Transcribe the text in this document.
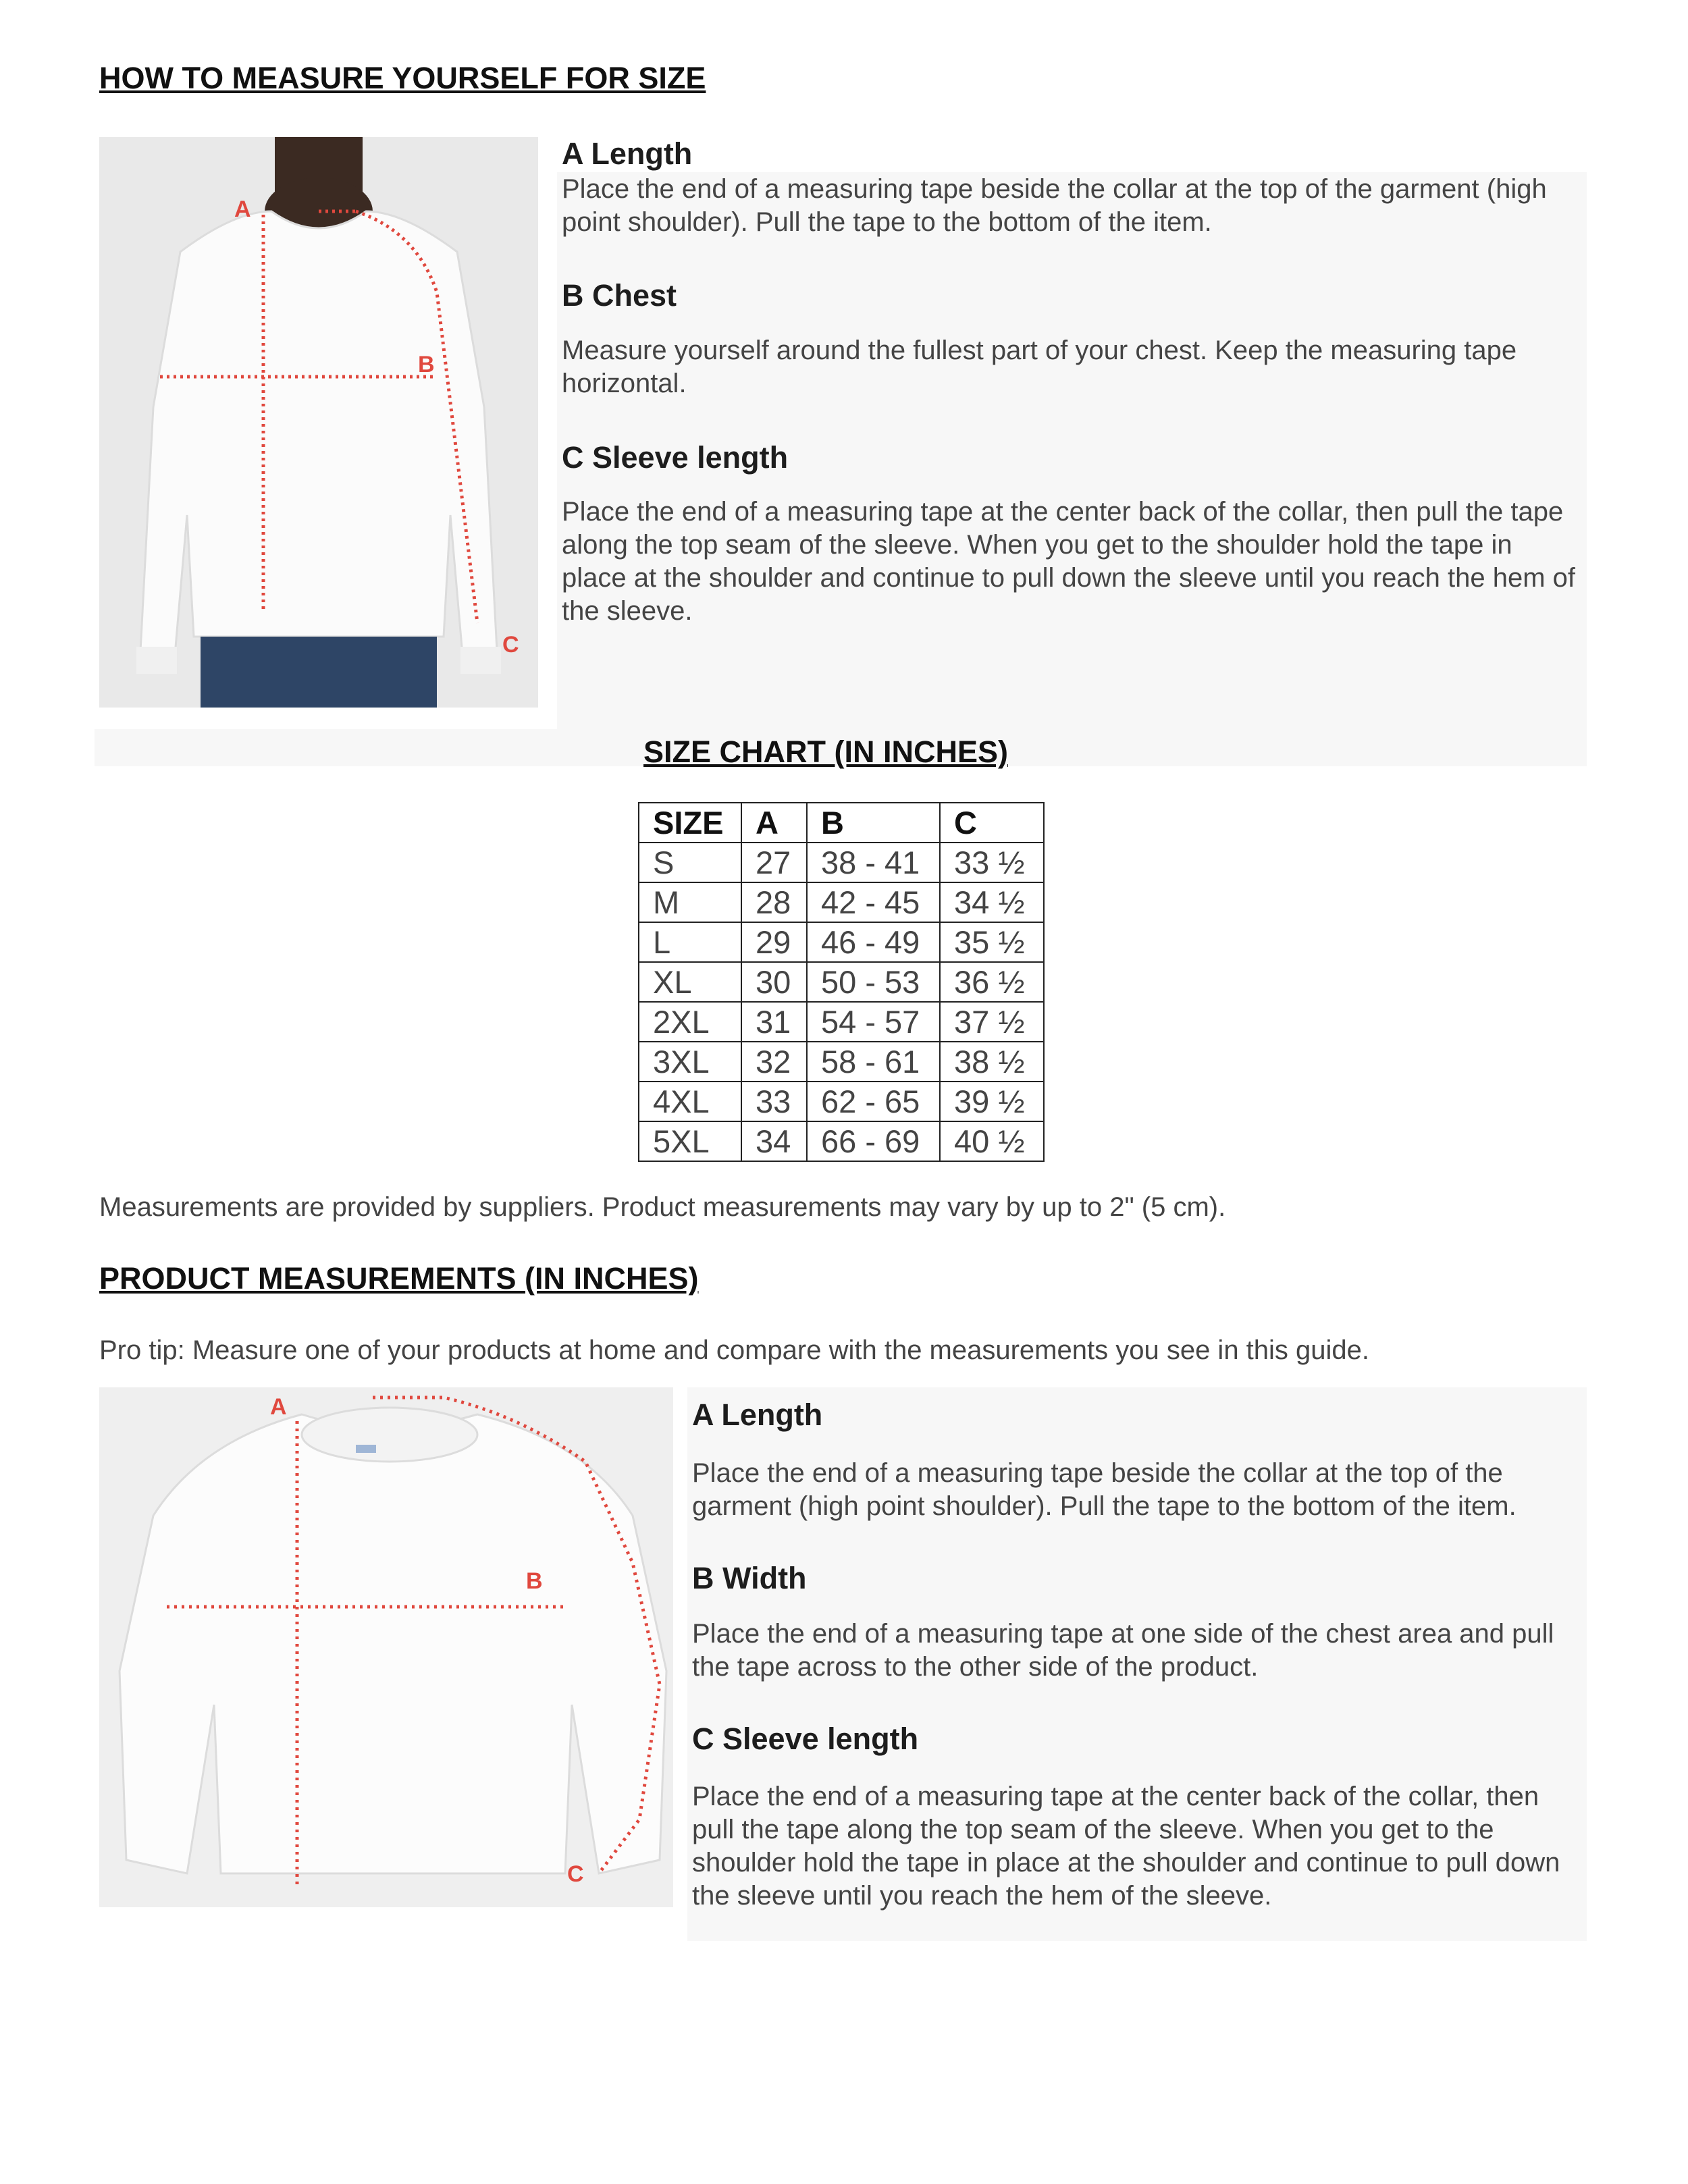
HOW TO MEASURE YOURSELF FOR SIZE
A
B
C
A Length
Place the end of a measuring tape beside the collar at the top of the garment (high point shoulder). Pull the tape to the bottom of the item.
B Chest
Measure yourself around the fullest part of your chest. Keep the measuring tape horizontal.
C Sleeve length
Place the end of a measuring tape at the center back of the collar, then pull the tape along the top seam of the sleeve. When you get to the shoulder hold the tape in place at the shoulder and continue to pull down the sleeve until you reach the hem of the sleeve.
SIZE CHART (IN INCHES)
SIZE	A	B	C
S	27	38 - 41	33 ½
M	28	42 - 45	34 ½
L	29	46 - 49	35 ½
XL	30	50 - 53	36 ½
2XL	31	54 - 57	37 ½
3XL	32	58 - 61	38 ½
4XL	33	62 - 65	39 ½
5XL	34	66 - 69	40 ½
Measurements are provided by suppliers. Product measurements may vary by up to 2" (5 cm).
PRODUCT MEASUREMENTS (IN INCHES)
Pro tip: Measure one of your products at home and compare with the measurements you see in this guide.
A
B
C
A Length
Place the end of a measuring tape beside the collar at the top of the garment (high point shoulder). Pull the tape to the bottom of the item.
B Width
Place the end of a measuring tape at one side of the chest area and pull the tape across to the other side of the product.
C Sleeve length
Place the end of a measuring tape at the center back of the collar, then pull the tape along the top seam of the sleeve. When you get to the shoulder hold the tape in place at the shoulder and continue to pull down the sleeve until you reach the hem of the sleeve.
